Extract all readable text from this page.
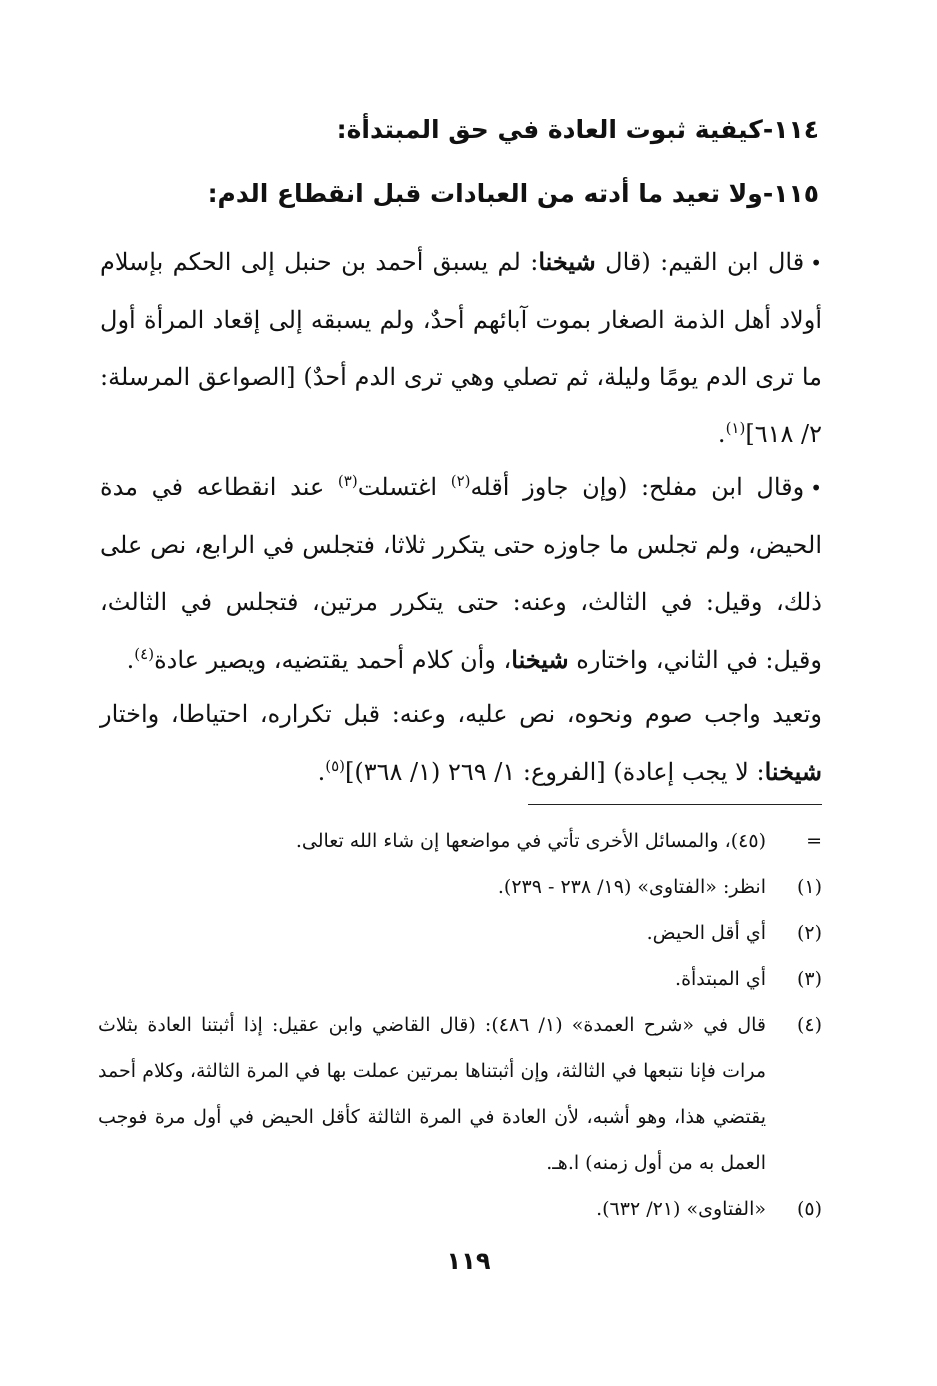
١١٤-كيفية ثبوت العادة في حق المبتدأة:
١١٥-ولا تعيد ما أدته من العبادات قبل انقطاع الدم:

•قال ابن القيم: (قال شيخنا: لم يسبق أحمد بن حنبل إلى الحكم بإسلام أولاد أهل الذمة الصغار بموت آبائهم أحدٌ، ولم يسبقه إلى إقعاد المرأة أول ما ترى الدم يومًا وليلة، ثم تصلي وهي ترى الدم أحدٌ) [الصواعق المرسلة: ٢/ ٦١٨]$^{(١)}$.

•وقال ابن مفلح: (وإن جاوز أقله$^{(٢)}$ اغتسلت$^{(٣)}$ عند انقطاعه في مدة الحيض، ولم تجلس ما جاوزه حتى يتكرر ثلاثا، فتجلس في الرابع، نص على ذلك، وقيل: في الثالث، وعنه: حتى يتكرر مرتين، فتجلس في الثالث، وقيل: في الثاني، واختاره شيخنا، وأن كلام أحمد يقتضيه، ويصير عادة$^{(٤)}$.

وتعيد واجب صوم ونحوه، نص عليه، وعنه: قبل تكراره، احتياطا، واختار شيخنا: لا يجب إعادة) [الفروع: ١/ ٢٦٩ (١/ ٣٦٨)]$^{(٥)}$.

=
(٤٥)، والمسائل الأخرى تأتي في مواضعها إن شاء الله تعالى.
(١)
انظر: «الفتاوى» (١٩/ ٢٣٨ - ٢٣٩).
(٢)
أي أقل الحيض.
(٣)
أي المبتدأة.
(٤)
قال في «شرح العمدة» (١/ ٤٨٦): (قال القاضي وابن عقيل: إذا أثبتنا العادة بثلاث مرات فإنا نتبعها في الثالثة، وإن أثبتناها بمرتين عملت بها في المرة الثالثة، وكلام أحمد يقتضي هذا، وهو أشبه، لأن العادة في المرة الثالثة كأقل الحيض في أول مرة فوجب العمل به من أول زمنه) ا.هـ.
(٥)
«الفتاوى» (٢١/ ٦٣٢).
١١٩
